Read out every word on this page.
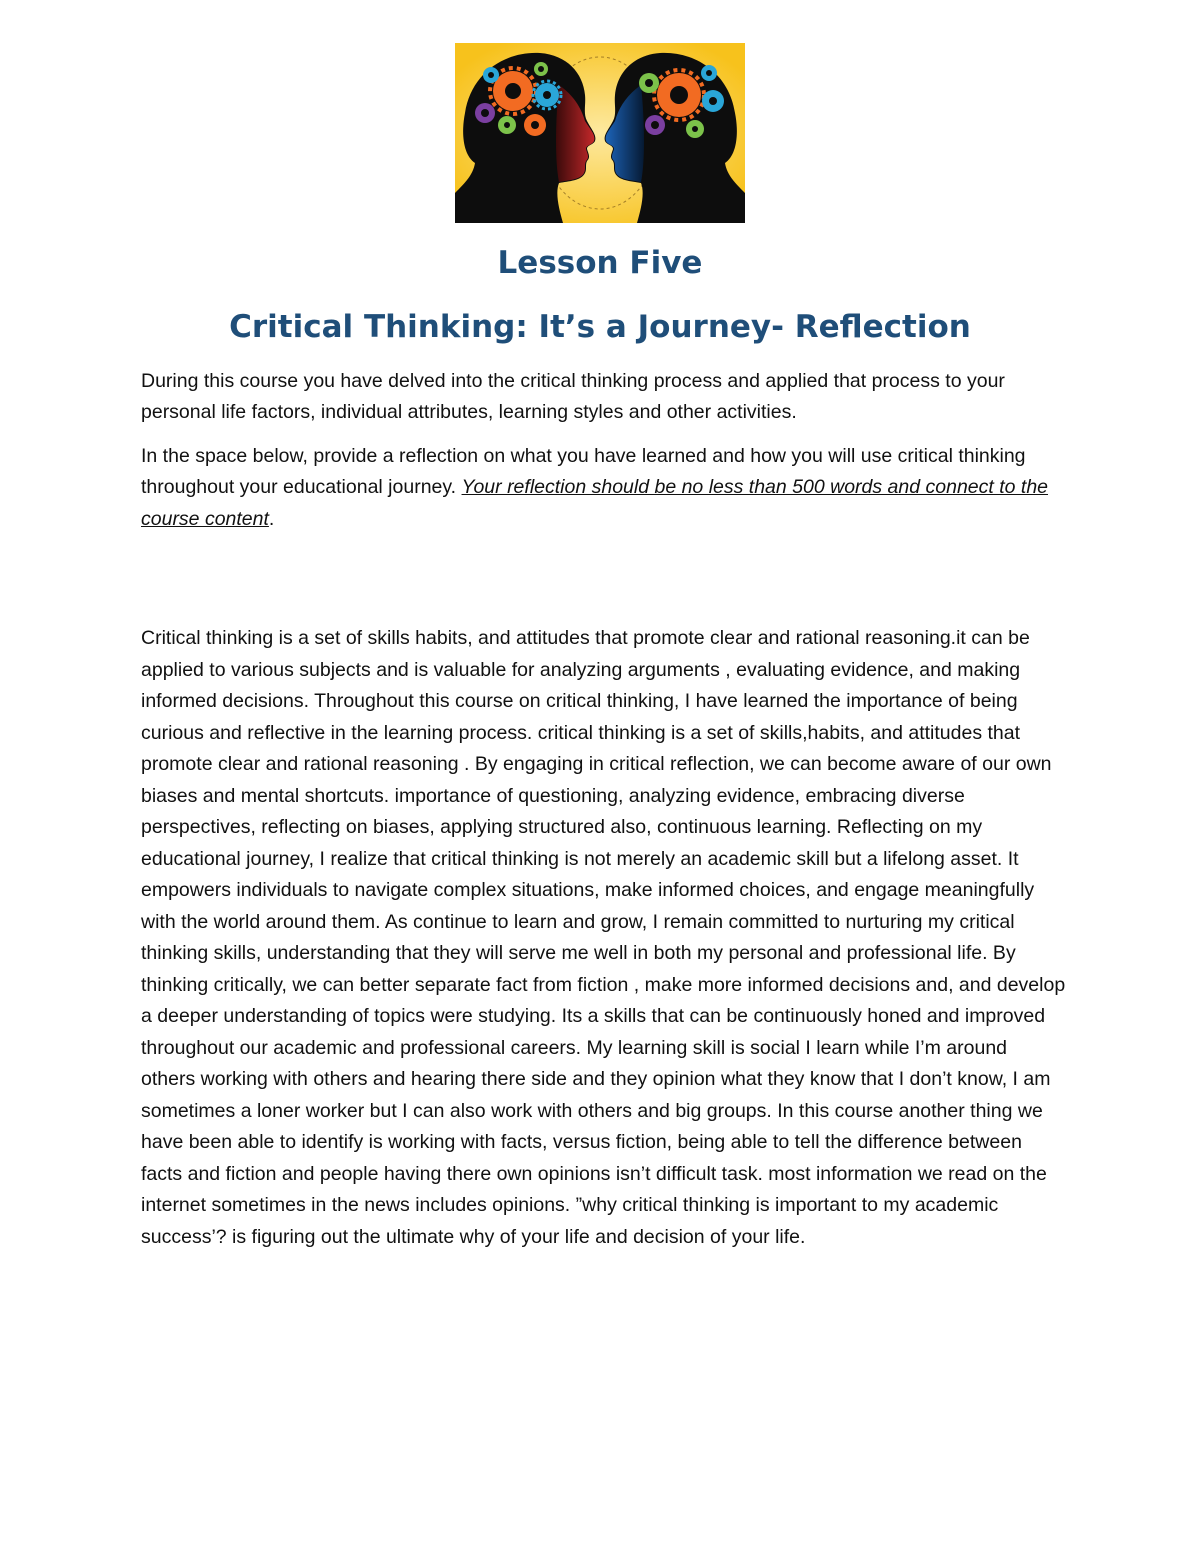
Lesson Five
Critical Thinking: It’s a Journey- Reflection

During this course you have delved into the critical thinking process and applied that process to your personal life factors, individual attributes, learning styles and other activities.

In the space below, provide a reflection on what you have learned and how you will use critical thinking throughout your educational journey. Your reflection should be no less than 500 words and connect to the course content.

Critical thinking is a set of skills habits, and attitudes that promote clear and rational reasoning.it can be applied to various subjects and is valuable for analyzing arguments , evaluating evidence, and making informed decisions. Throughout this course on critical thinking, I have learned the importance of being curious and reflective in the learning process. critical thinking is a set of skills,habits, and attitudes that promote clear and rational reasoning . By engaging in critical reflection, we can become aware of our own biases and mental shortcuts. importance of questioning, analyzing evidence, embracing diverse perspectives, reflecting on biases, applying structured also, continuous learning. Reflecting on my educational journey, I realize that critical thinking is not merely an academic skill but a lifelong asset. It empowers individuals to navigate complex situations, make informed choices, and engage meaningfully with the world around them. As continue to learn and grow, I remain committed to nurturing my critical thinking skills, understanding that they will serve me well in both my personal and professional life. By thinking critically, we can better separate fact from fiction , make more informed decisions and, and develop a deeper understanding of topics were studying. Its a skills that can be continuously honed and improved throughout our academic and professional careers. My learning skill is social I learn while I’m around others working with others and hearing there side and they opinion what they know that I don’t know, I am sometimes a loner worker but I can also work with others and big groups. In this course another thing we have been able to identify is working with facts, versus fiction, being able to tell the difference between facts and fiction and people having there own opinions isn’t difficult task. most information we read on the internet sometimes in the news includes opinions. ”why critical thinking is important to my academic success’? is figuring out the ultimate why of your life and decision of your life.
